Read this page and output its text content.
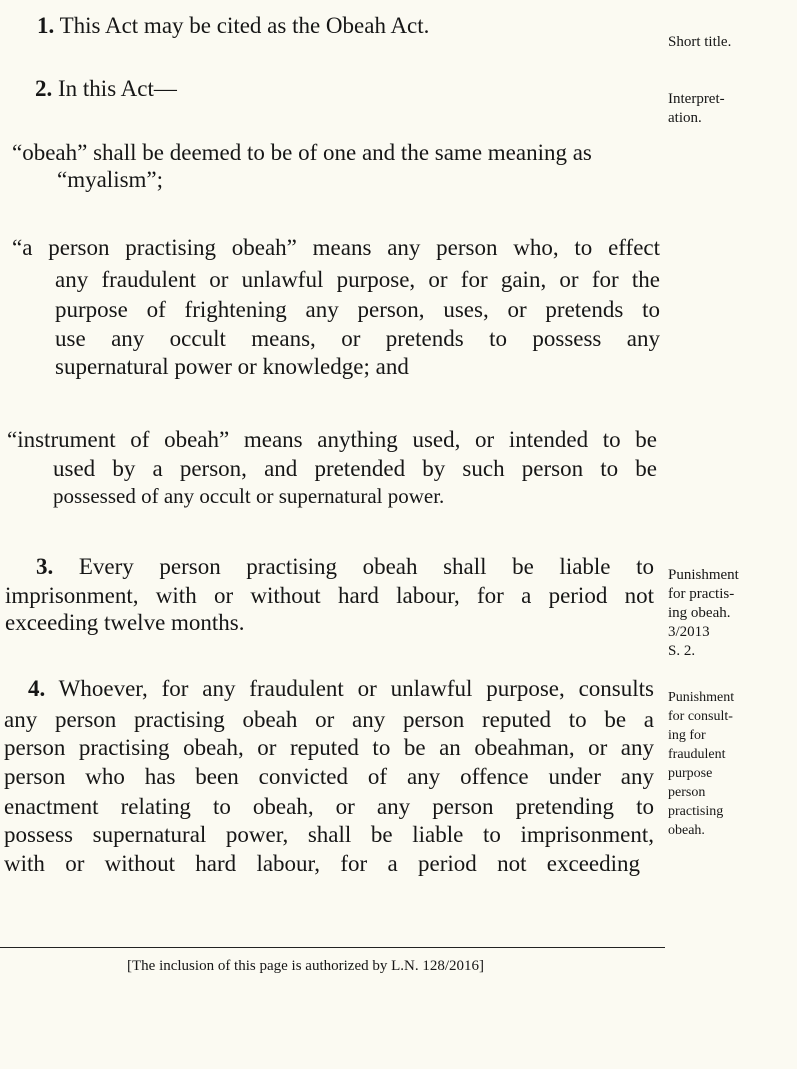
1. This Act may be cited as the Obeah Act.
Short title.
2. In this Act—	Interpret-
ation.
“obeah” shall be deemed to be of one and the same meaning as
“myalism”;
“a person practising obeah” means any person who, to effect
any fraudulent or unlawful purpose, or for gain, or for the
purpose of frightening any person, uses, or pretends to
use any occult means, or pretends to possess any
supernatural power or knowledge; and
“instrument of obeah” means anything used, or intended to be
used by a person, and pretended by such person to be
possessed of any occult or supernatural power.
3. Every person practising obeah shall be liable to
imprisonment, with or without hard labour, for a period not
exceeding twelve months.
Punishment
for practis-
ing obeah.
3/2013
S. 2.
4. Whoever, for any fraudulent or unlawful purpose, consults
any person practising obeah or any person reputed to be a
person practising obeah, or reputed to be an obeahman, or any
person who has been convicted of any offence under any
enactment relating to obeah, or any person pretending to
possess supernatural power, shall be liable to imprisonment,
with or without hard labour, for a period not exceeding
Punishment
for consult-
ing for
fraudulent
purpose
person
practising
obeah.
[The inclusion of this page is authorized by L.N. 128/2016]
